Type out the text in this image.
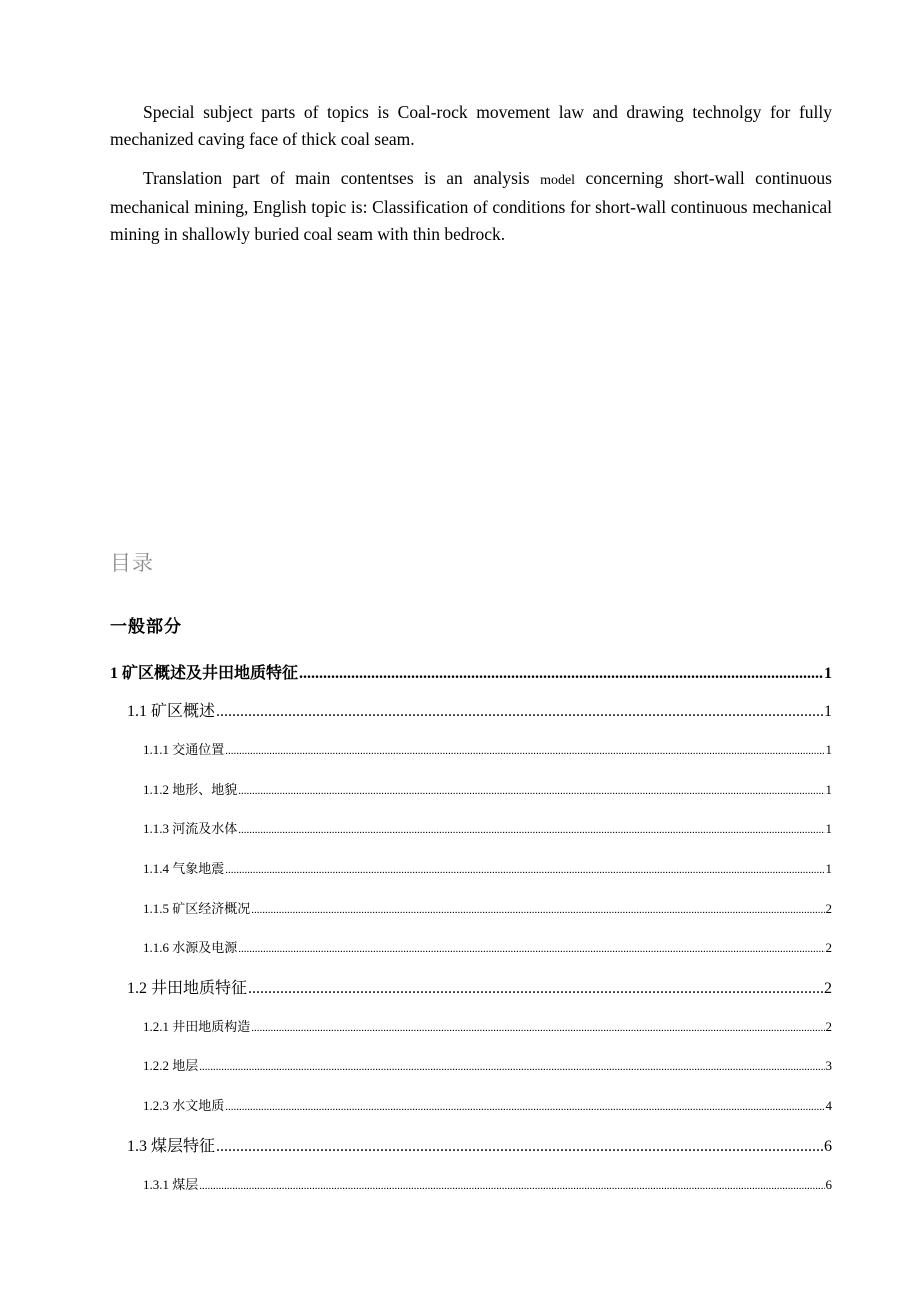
Special subject parts of topics is Coal-rock movement law and drawing technolgy for fully mechanized caving face of thick coal seam.

Translation part of main contentses is an analysis model concerning short-wall continuous mechanical mining, English topic is: Classification of conditions for short-wall continuous mechanical mining in shallowly buried coal seam with thin bedrock.

目录
一般部分
1 矿区概述及井田地质特征 .....	1
1.1 矿区概述 .....	1
1.1.1 交通位置 .....	1
1.1.2 地形、地貌 .....	1
1.1.3 河流及水体 .....	1
1.1.4 气象地震 .....	1
1.1.5 矿区经济概况 .....	2
1.1.6 水源及电源 .....	2
1.2 井田地质特征 .....	2
1.2.1 井田地质构造 .....	2
1.2.2 地层 .....	3
1.2.3 水文地质 .....	4
1.3 煤层特征 .....	6
1.3.1 煤层 .....	6
